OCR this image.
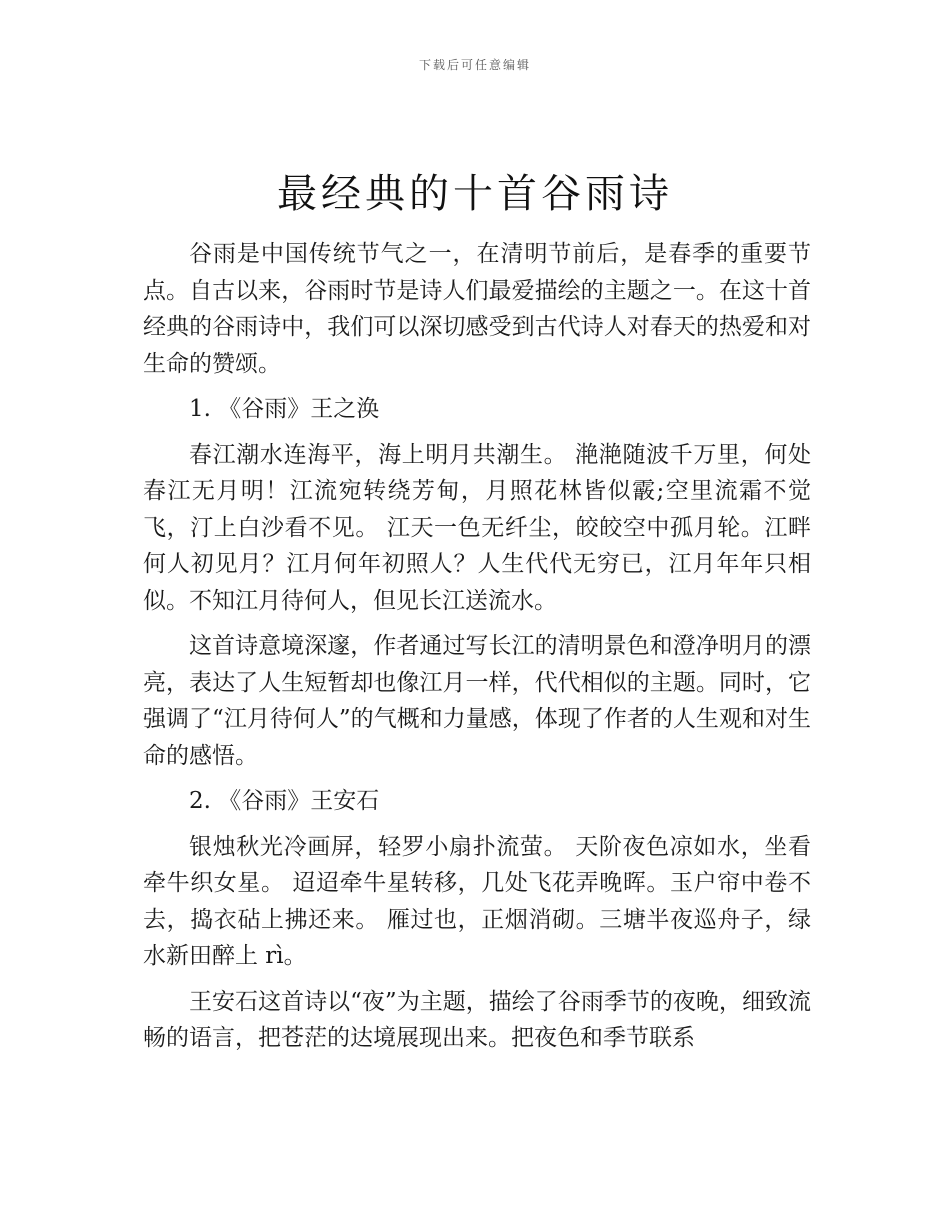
下载后可任意编辑
最经典的十首谷雨诗

谷雨是中国传统节气之一，在清明节前后，是春季的重要节点。自古以来，谷雨时节是诗人们最爱描绘的主题之一。在这十首经典的谷雨诗中，我们可以深切感受到古代诗人对春天的热爱和对生命的赞颂。

1. 《谷雨》王之涣

春江潮水连海平，海上明月共潮生。 滟滟随波千万里，何处春江无月明！江流宛转绕芳甸，月照花林皆似霰;空里流霜不觉飞，汀上白沙看不见。 江天一色无纤尘，皎皎空中孤月轮。江畔何人初见月？江月何年初照人？人生代代无穷已，江月年年只相似。不知江月待何人，但见长江送流水。

这首诗意境深邃，作者通过写长江的清明景色和澄净明月的漂亮，表达了人生短暂却也像江月一样，代代相似的主题。同时，它强调了“江月待何人”的气概和力量感，体现了作者的人生观和对生命的感悟。

2. 《谷雨》王安石

银烛秋光冷画屏，轻罗小扇扑流萤。 天阶夜色凉如水，坐看牵牛织女星。 迢迢牵牛星转移，几处飞花弄晚晖。玉户帘中卷不去，捣衣砧上拂还来。 雁过也，正烟消砌。三塘半夜巡舟子，绿水新田醉上 rì。

王安石这首诗以“夜”为主题，描绘了谷雨季节的夜晚，细致流畅的语言，把苍茫的达境展现出来。把夜色和季节联系
